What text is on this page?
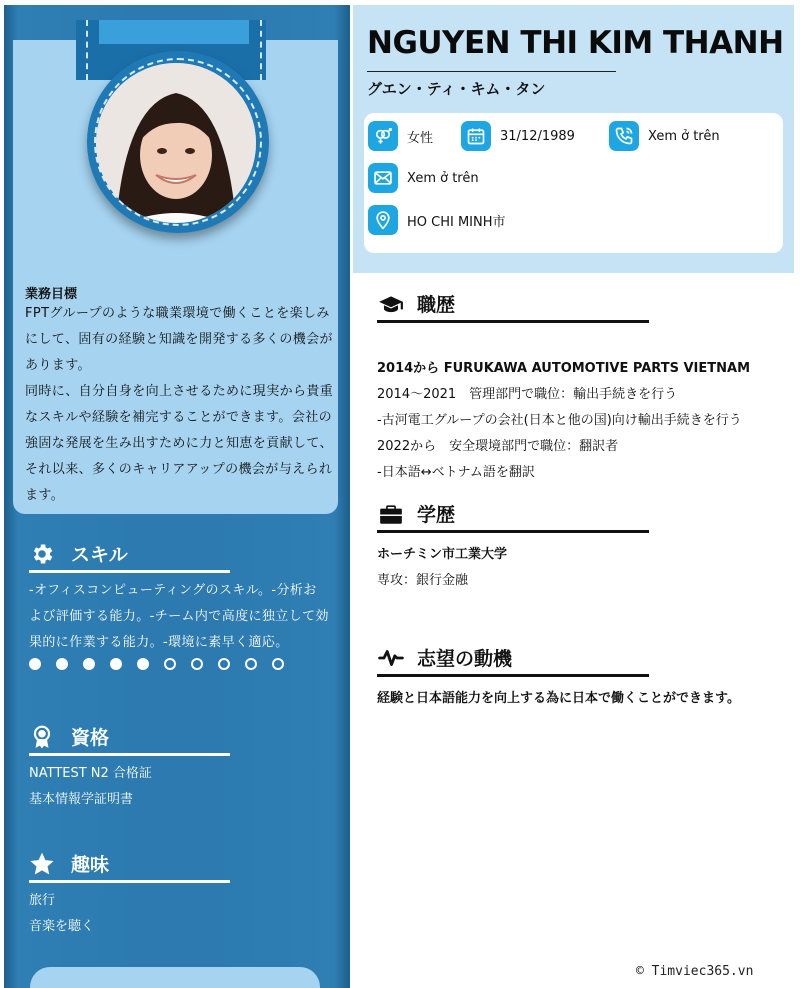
業務目標

FPTグループのような職業環境で働くことを楽しみにして、固有の経験と知識を開発する多くの機会があります。

同時に、自分自身を向上させるために現実から貴重なスキルや経験を補完することができます。会社の強固な発展を生み出すために力と知恵を貢献して、それ以来、多くのキャリアアップの機会が与えられます。

スキル
-オフィスコンピューティングのスキル。-分析および評価する能力。-チーム内で高度に独立して効果的に作業する能力。-環境に素早く適応。
資格
NATTEST N2 合格証
基本情報学証明書
趣味
旅行
音楽を聴く
NGUYEN THI KIM THANH
グエン・ティ・キム・タン
女性	31/12/1989	Xem ở trên
Xem ở trên
HO CHI MINH市
職歴

2014から FURUKAWA AUTOMOTIVE PARTS VIETNAM

2014～2021　管理部門で職位：輸出手続きを行う

-古河電工グループの会社(日本と他の国)向け輸出手続きを行う

2022から　安全環境部門で職位：翻訳者

-日本語↔ベトナム語を翻訳

学歴

ホーチミン市工業大学

専攻：銀行金融

志望の動機
経験と日本語能力を向上する為に日本で働くことができます。
© Timviec365.vn
